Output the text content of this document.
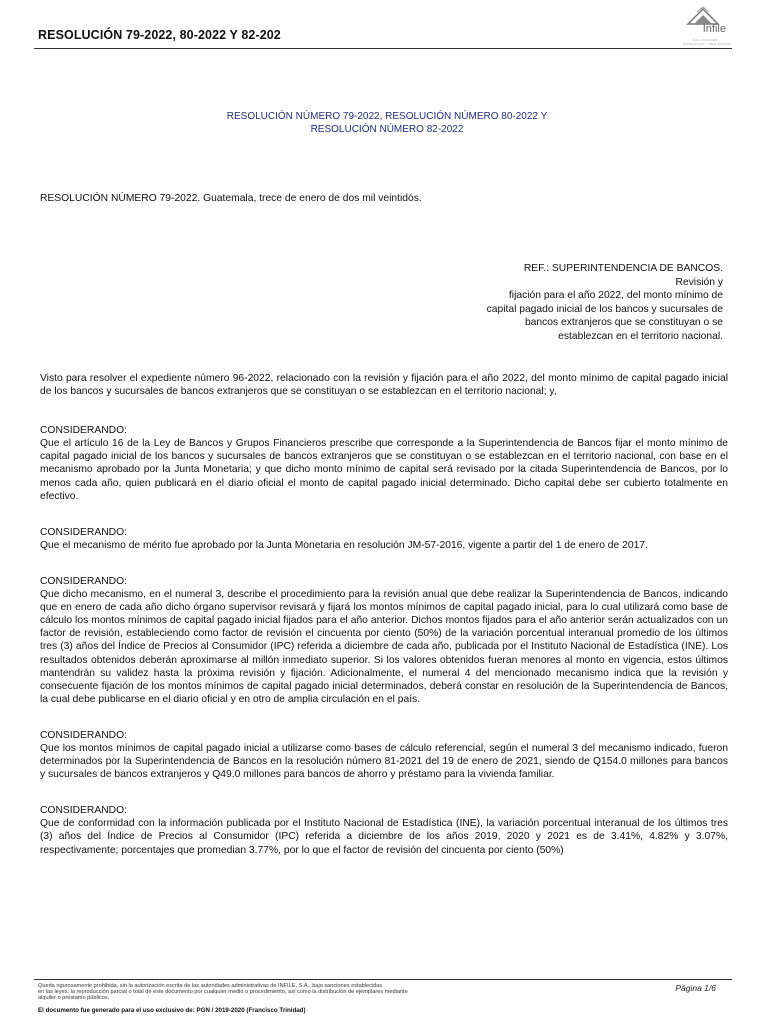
RESOLUCIÓN 79-2022, 80-2022 Y 82-202	Infile
SOLUCIONES · CONFIANZA · SEGURIDAD
RESOLUCIÓN NÚMERO 79-2022, RESOLUCIÓN NÚMERO 80-2022 Y
RESOLUCIÓN NÚMERO 82-2022
RESOLUCIÓN NÚMERO 79-2022. Guatemala, trece de enero de dos mil veintidós.
REF.: SUPERINTENDENCIA DE BANCOS.
Revisión y
fijación para el año 2022, del monto mínimo de
capital pagado inicial de los bancos y sucursales de
bancos extranjeros que se constituyan o se
establezcan en el territorio nacional.

Visto para resolver el expediente número 96-2022, relacionado con la revisión y fijación para el año 2022, del monto mínimo de capital pagado inicial de los bancos y sucursales de bancos extranjeros que se constituyan o se establezcan en el territorio nacional; y,

CONSIDERANDO:
Que el artículo 16 de la Ley de Bancos y Grupos Financieros prescribe que corresponde a la Superintendencia de Bancos fijar el monto mínimo de capital pagado inicial de los bancos y sucursales de bancos extranjeros que se constituyan o se establezcan en el territorio nacional, con base en el mecanismo aprobado por la Junta Monetaria; y que dicho monto mínimo de capital será revisado por la citada Superintendencia de Bancos, por lo menos cada año, quien publicará en el diario oficial el monto de capital pagado inicial determinado. Dicho capital debe ser cubierto totalmente en efectivo.
CONSIDERANDO:
Que el mecanismo de mérito fue aprobado por la Junta Monetaria en resolución JM-57-2016, vigente a partir del 1 de enero de 2017.
CONSIDERANDO:
Que dicho mecanismo, en el numeral 3, describe el procedimiento para la revisión anual que debe realizar la Superintendencia de Bancos, indicando que en enero de cada año dicho órgano supervisor revisará y fijará los montos mínimos de capital pagado inicial, para lo cual utilizará como base de cálculo los montos mínimos de capital pagado inicial fijados para el año anterior. Dichos montos fijados para el año anterior serán actualizados con un factor de revisión, estableciendo como factor de revisión el cincuenta por ciento (50%) de la variación porcentual interanual promedio de los últimos tres (3) años del Índice de Precios al Consumidor (IPC) referida a diciembre de cada año, publicada por el Instituto Nacional de Estadística (INE). Los resultados obtenidos deberán aproximarse al millón inmediato superior. Si los valores obtenidos fueran menores al monto en vigencia, estos últimos mantendrán su validez hasta la próxima revisión y fijación. Adicionalmente, el numeral 4 del mencionado mecanismo indica que la revisión y consecuente fijación de los montos mínimos de capital pagado inicial determinados, deberá constar en resolución de la Superintendencia de Bancos, la cual debe publicarse en el diario oficial y en otro de amplia circulación en el país.
CONSIDERANDO:
Que los montos mínimos de capital pagado inicial a utilizarse como bases de cálculo referencial, según el numeral 3 del mecanismo indicado, fueron determinados por la Superintendencia de Bancos en la resolución número 81-2021 del 19 de enero de 2021, siendo de Q154.0 millones para bancos y sucursales de bancos extranjeros y Q49.0 millones para bancos de ahorro y préstamo para la vivienda familiar.
CONSIDERANDO:
Que de conformidad con la información publicada por el Instituto Nacional de Estadística (INE), la variación porcentual interanual de los últimos tres (3) años del Índice de Precios al Consumidor (IPC) referida a diciembre de los años 2019, 2020 y 2021 es de 3.41%, 4.82% y 3.07%, respectivamente; porcentajes que promedian 3.77%, por lo que el factor de revisión del cincuenta por ciento (50%)
Queda rigurosamente prohibida, sin la autorización escrita de las autoridades administrativas de INFILE, S.A., bajo sanciones establecidas
en las leyes; la reproducción parcial o total de este documento por cualquier medio o procedimiento, así como la distribución de ejemplares mediante
alquiler o préstamo públicos.
Página 1/6
El documento fue generado para el uso exclusivo de: PGN / 2019-2020 (Francisco Trinidad)
